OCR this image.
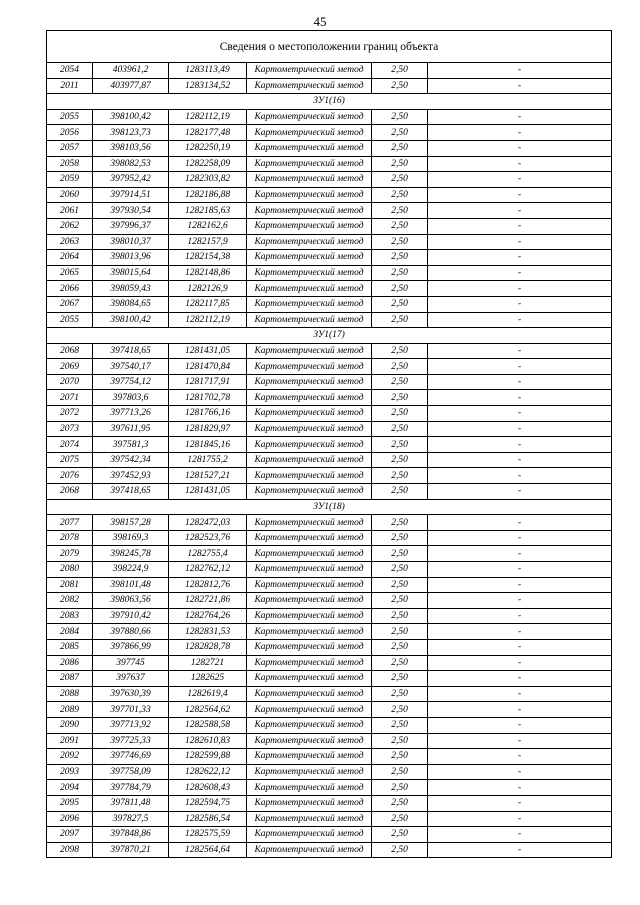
45
Сведения о местоположении границ объекта					
2054	403961,2	1283113,49	Картометрический метод	2,50	-
2011	403977,87	1283134,52	Картометрический метод	2,50	-
ЗУ1(16)					
2055	398100,42	1282112,19	Картометрический метод	2,50	-
2056	398123,73	1282177,48	Картометрический метод	2,50	-
2057	398103,56	1282250,19	Картометрический метод	2,50	-
2058	398082,53	1282258,09	Картометрический метод	2,50	-
2059	397952,42	1282303,82	Картометрический метод	2,50	-
2060	397914,51	1282186,88	Картометрический метод	2,50	-
2061	397930,54	1282185,63	Картометрический метод	2,50	-
2062	397996,37	1282162,6	Картометрический метод	2,50	-
2063	398010,37	1282157,9	Картометрический метод	2,50	-
2064	398013,96	1282154,38	Картометрический метод	2,50	-
2065	398015,64	1282148,86	Картометрический метод	2,50	-
2066	398059,43	1282126,9	Картометрический метод	2,50	-
2067	398084,65	1282117,85	Картометрический метод	2,50	-
2055	398100,42	1282112,19	Картометрический метод	2,50	-
ЗУ1(17)					
2068	397418,65	1281431,05	Картометрический метод	2,50	-
2069	397540,17	1281470,84	Картометрический метод	2,50	-
2070	397754,12	1281717,91	Картометрический метод	2,50	-
2071	397803,6	1281702,78	Картометрический метод	2,50	-
2072	397713,26	1281766,16	Картометрический метод	2,50	-
2073	397611,95	1281829,97	Картометрический метод	2,50	-
2074	397581,3	1281845,16	Картометрический метод	2,50	-
2075	397542,34	1281755,2	Картометрический метод	2,50	-
2076	397452,93	1281527,21	Картометрический метод	2,50	-
2068	397418,65	1281431,05	Картометрический метод	2,50	-
ЗУ1(18)					
2077	398157,28	1282472,03	Картометрический метод	2,50	-
2078	398169,3	1282523,76	Картометрический метод	2,50	-
2079	398245,78	1282755,4	Картометрический метод	2,50	-
2080	398224,9	1282762,12	Картометрический метод	2,50	-
2081	398101,48	1282812,76	Картометрический метод	2,50	-
2082	398063,56	1282721,86	Картометрический метод	2,50	-
2083	397910,42	1282764,26	Картометрический метод	2,50	-
2084	397880,66	1282831,53	Картометрический метод	2,50	-
2085	397866,99	1282828,78	Картометрический метод	2,50	-
2086	397745	1282721	Картометрический метод	2,50	-
2087	397637	1282625	Картометрический метод	2,50	-
2088	397630,39	1282619,4	Картометрический метод	2,50	-
2089	397701,33	1282564,62	Картометрический метод	2,50	-
2090	397713,92	1282588,58	Картометрический метод	2,50	-
2091	397725,33	1282610,83	Картометрический метод	2,50	-
2092	397746,69	1282599,88	Картометрический метод	2,50	-
2093	397758,09	1282622,12	Картометрический метод	2,50	-
2094	397784,79	1282608,43	Картометрический метод	2,50	-
2095	397811,48	1282594,75	Картометрический метод	2,50	-
2096	397827,5	1282586,54	Картометрический метод	2,50	-
2097	397848,86	1282575,59	Картометрический метод	2,50	-
2098	397870,21	1282564,64	Картометрический метод	2,50	-
